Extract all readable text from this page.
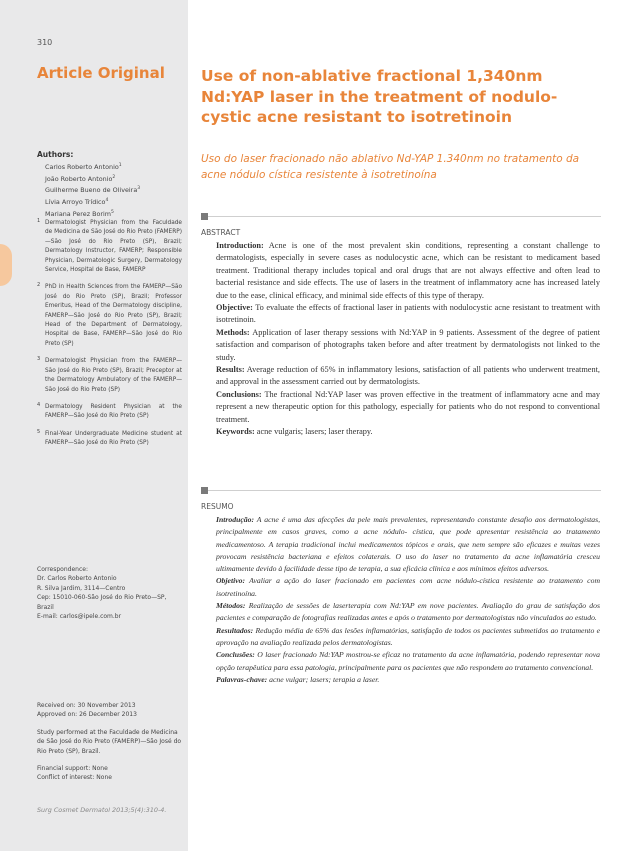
310
Article Original
Authors:
Carlos Roberto Antonio$^1$
João Roberto Antonio$^2$
Guilherme Bueno de Oliveira$^3$
Lívia Arroyo Trídico$^4$
Mariana Perez Borim$^5$
1 Dermatologist Physician from the Faculdade de Medicina de São José do Rio Preto (FAMERP)—São José do Rio Preto (SP), Brazil; Dermatology Instructor, FAMERP; Responsible Physician, Dermatologic Surgery, Dermatology Service, Hospital de Base, FAMERP
2 PhD in Health Sciences from the FAMERP—São José do Rio Preto (SP), Brazil; Professor Emeritus, Head of the Dermatology discipline, FAMERP—São José do Rio Preto (SP), Brazil; Head of the Department of Dermatology, Hospital de Base, FAMERP—São José do Rio Preto (SP)
3 Dermatologist Physician from the FAMERP—São José do Rio Preto (SP), Brazil; Preceptor at the Dermatology Ambulatory of the FAMERP—São José do Rio Preto (SP)
4 Dermatology Resident Physician at the FAMERP—São José do Rio Preto (SP)
5 Final-Year Undergraduate Medicine student at FAMERP—São José do Rio Preto (SP)
Correspondence:
Dr. Carlos Roberto Antonio
R. Silva Jardim, 3114—Centro
Cep: 15010-060-São José do Rio Preto—SP, Brazil
E-mail: carlos@ipele.com.br
Received on: 30 November 2013
Approved on: 26 December 2013
Study performed at the Faculdade de Medicina de São José do Rio Preto (FAMERP)—São José do Rio Preto (SP), Brazil.
Financial support: None
Conflict of interest: None
Surg Cosmet Dermatol 2013;5(4):310-4.
Use of non-ablative fractional 1,340nm Nd:YAP laser in the treatment of nodulo-cystic acne resistant to isotretinoin
Uso do laser fracionado não ablativo Nd-YAP 1.340nm no tratamento da acne nódulo cística resistente à isotretinoína
ABSTRACT

Introduction: Acne is one of the most prevalent skin conditions, representing a constant challenge to dermatologists, especially in severe cases as nodulocystic acne, which can be resistant to medicament based treatment. Traditional therapy includes topical and oral drugs that are not always effective and often lead to bacterial resistance and side effects. The use of lasers in the treatment of inflammatory acne has increased lately due to the ease, clinical efficacy, and minimal side effects of this type of therapy.

Objective: To evaluate the effects of fractional laser in patients with nodulocystic acne resistant to treatment with isotretinoin.

Methods: Application of laser therapy sessions with Nd:YAP in 9 patients. Assessment of the degree of patient satisfaction and comparison of photographs taken before and after treatment by dermatologists not linked to the study.

Results: Average reduction of 65% in inflammatory lesions, satisfaction of all patients who underwent treatment, and approval in the assessment carried out by dermatologists.

Conclusions: The fractional Nd:YAP laser was proven effective in the treatment of inflammatory acne and may represent a new therapeutic option for this pathology, especially for patients who do not respond to conventional treatment.

Keywords: acne vulgaris; lasers; laser therapy.

RESUMO

Introdução: A acne é uma das afecções da pele mais prevalentes, representando constante desafio aos dermatologistas, principalmente em casos graves, como a acne nódulo- cística, que pode apresentar resistência ao tratamento medicamentoso. A terapia tradicional inclui medicamentos tópicos e orais, que nem sempre são eficazes e muitas vezes provocam resistência bacteriana e efeitos colaterais. O uso do laser no tratamento da acne inflamatória cresceu ultimamente devido à facilidade desse tipo de terapia, a sua eficácia clínica e aos mínimos efeitos adversos.

Objetivo: Avaliar a ação do laser fracionado em pacientes com acne nódulo-cística resistente ao tratamento com isotretinoína.

Métodos: Realização de sessões de laserterapia com Nd:YAP em nove pacientes. Avaliação do grau de satisfação dos pacientes e comparação de fotografias realizadas antes e após o tratamento por dermatologistas não vinculados ao estudo.

Resultados: Redução média de 65% das lesões inflamatórias, satisfação de todos os pacientes submetidos ao tratamento e aprovação na avaliação realizada pelos dermatologistas.

Conclusões: O laser fracionado Nd:YAP mostrou-se eficaz no tratamento da acne inflamatória, podendo representar nova opção terapêutica para essa patologia, principalmente para os pacientes que não respondem ao tratamento convencional.

Palavras-chave: acne vulgar; lasers; terapia a laser.
